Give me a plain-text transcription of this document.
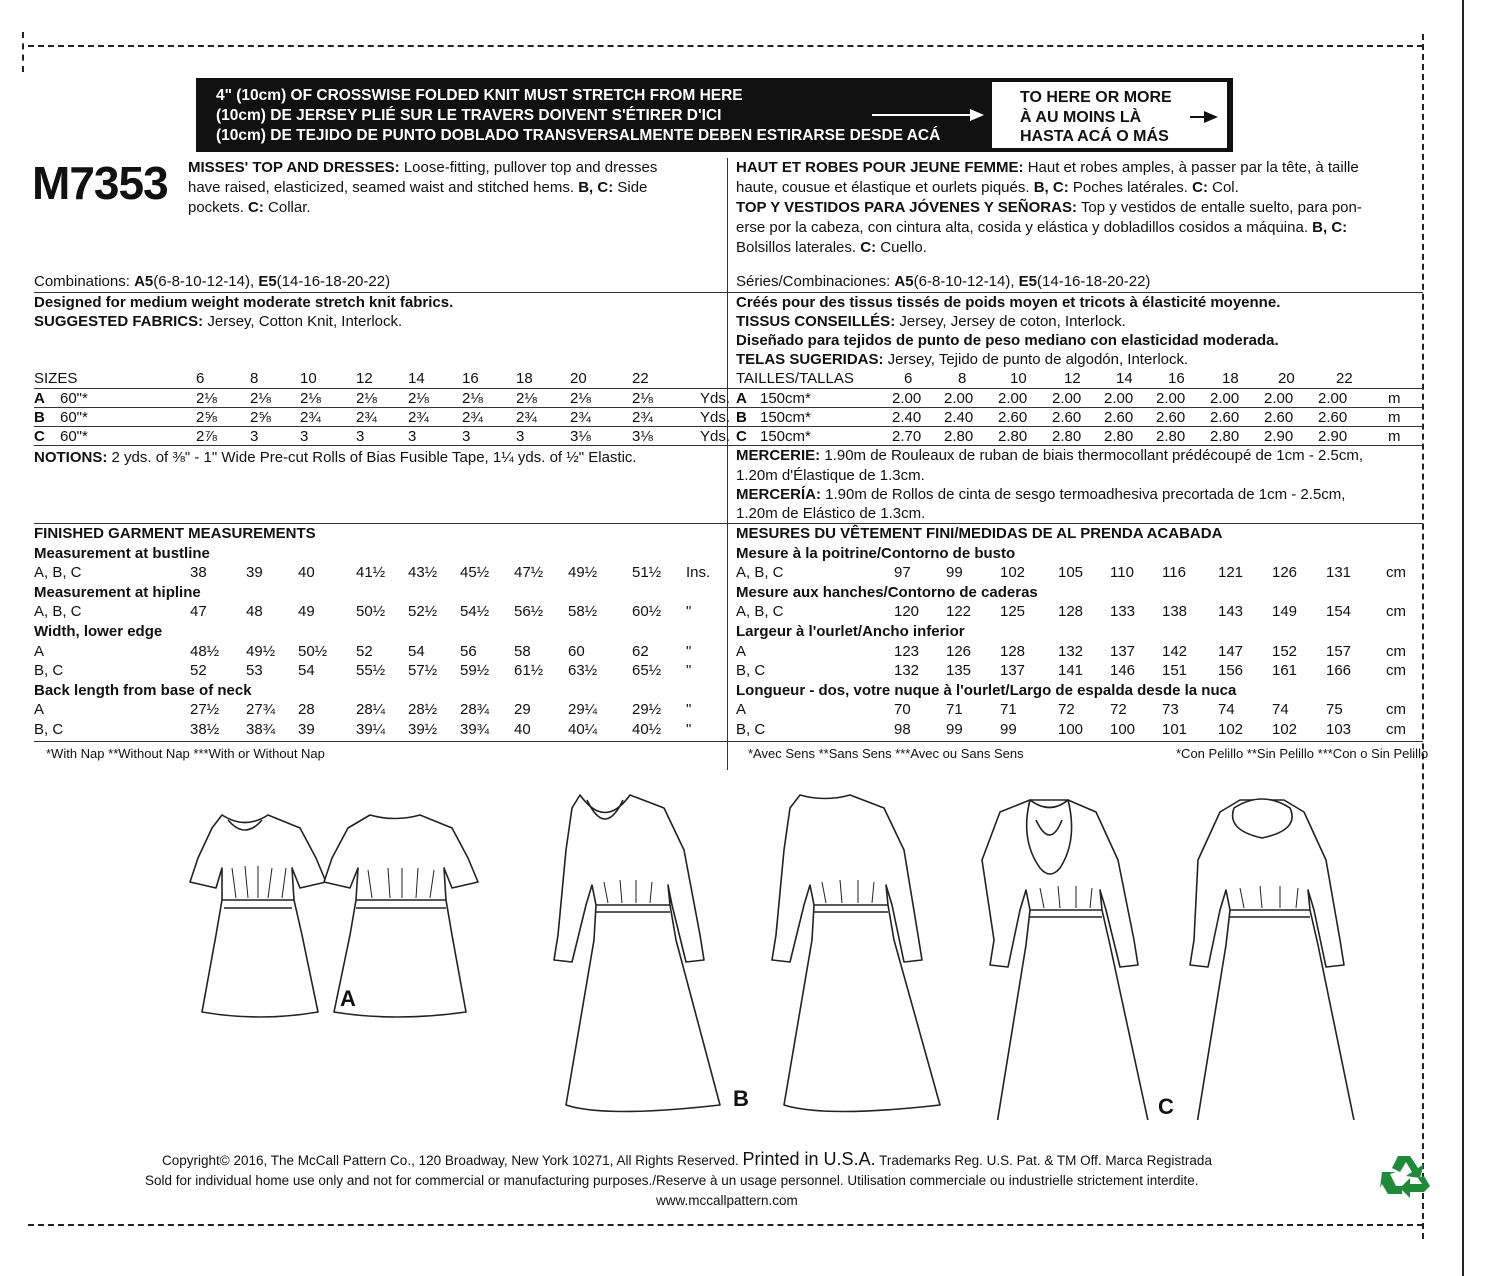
4" (10cm) OF CROSSWISE FOLDED KNIT MUST STRETCH FROM HERE
(10cm) DE JERSEY PLIÉ SUR LE TRAVERS DOIVENT S'ÉTIRER D'ICI
(10cm) DE TEJIDO DE PUNTO DOBLADO TRANSVERSALMENTE DEBEN ESTIRARSE DESDE ACÁ
TO HERE OR MORE
À AU MOINS LÀ
HASTA ACÁ O MÁS
M7353 MISSES' TOP AND DRESSES: Loose-fitting, pullover top and dresses
have raised, elasticized, seamed waist and stitched hems. B, C: Side
pockets. C: Collar.
HAUT ET ROBES POUR JEUNE FEMME: Haut et robes amples, à passer par la tête, à taille
haute, cousue et élastique et ourlets piqués. B, C: Poches latérales. C: Col.
TOP Y VESTIDOS PARA JÓVENES Y SEÑORAS: Top y vestidos de entalle suelto, para pon-
erse por la cabeza, con cintura alta, cosida y elástica y dobladillos cosidos a máquina. B, C:
Bolsillos laterales. C: Cuello.
Combinations: A5(6-8-10-12-14), E5(14-16-18-20-22)
Designed for medium weight moderate stretch knit fabrics.
SUGGESTED FABRICS: Jersey, Cotton Knit, Interlock.
Séries/Combinaciones: A5(6-8-10-12-14), E5(14-16-18-20-22)
Créés pour des tissus tissés de poids moyen et tricots à élasticité moyenne.
TISSUS CONSEILLÉS: Jersey, Jersey de coton, Interlock.
Diseñado para tejidos de punto de peso mediano con elasticidad moderada.
TELAS SUGERIDAS: Jersey, Tejido de punto de algodón, Interlock.
SIZES	6	8	10	12 14 16 18 20	22
A 60"*	2⅛ 2⅛ 2⅛ 2⅛ 2⅛ 2⅛ 2⅛ 2⅛	2⅛	Yds.
B 60"*	2⅝ 2⅝ 2¾ 2¾ 2¾ 2¾ 2¾ 2¾	2¾	Yds.
C 60"*	2⅞ 3	3	3	3	3	3	3⅛	3⅛	Yds.
TAILLES/TALLAS	6	8	10 12 14 16 18	20	22
A 150cm*	2.00 2.00 2.00 2.00 2.00 2.00 2.00 2.00 2.00	m
B 150cm*	2.40 2.40 2.60 2.60 2.60 2.60 2.60 2.60 2.60	m
C 150cm*	2.70 2.80 2.80 2.80 2.80 2.80 2.80 2.90 2.90	m
NOTIONS: 2 yds. of ⅜" - 1" Wide Pre-cut Rolls of Bias Fusible Tape, 1¼ yds. of ½" Elastic.	MERCERIE: 1.90m de Rouleaux de ruban de biais thermocollant prédécoupé de 1cm - 2.5cm,
1.20m d'Élastique de 1.3cm.
MERCERÍA: 1.90m de Rollos de cinta de sesgo termoadhesiva precortada de 1cm - 2.5cm,
1.20m de Elástico de 1.3cm.
FINISHED GARMENT MEASUREMENTS
Measurement at bustline
A, B, C	38	39 40	41½ 43½ 45½ 47½ 49½ 51½ Ins.
Measurement at hipline
A, B, C	47	48 49	50½ 52½ 54½ 56½ 58½ 60½ "
Width, lower edge
A	48½ 49½ 50½ 52 54 56 58 60	62 "
B, C	52	53 54	55½ 57½ 59½ 61½ 63½ 65½ "
Back length from base of neck
A	27½ 27¾ 28	28¼ 28½ 28¾ 29 29¼ 29½ "
B, C	38½ 38¾ 39	39¼ 39½ 39¾ 40 40¼ 40½ "
MESURES DU VÊTEMENT FINI/MEDIDAS DE AL PRENDA ACABADA
Mesure à la poitrine/Contorno de busto
A, B, C	97 99 102 105 110 116 121 126 131 cm
Mesure aux hanches/Contorno de caderas
A, B, C	120 122 125 128 133 138 143 149 154 cm
Largeur à l'ourlet/Ancho inferior
A	123 126 128 132 137 142 147 152 157 cm
B, C	132 135 137 141 146 151 156 161 166 cm
Longueur - dos, votre nuque à l'ourlet/Largo de espalda desde la nuca
A	70 71 71	72 72 73	74 74 75	cm
B, C	98 99 99	100 100 101 102 102 103 cm
*With Nap **Without Nap ***With or Without Nap	*Avec Sens **Sans Sens ***Avec ou Sans Sens	*Con Pelillo **Sin Pelillo ***Con o Sin Pelillo
A
B	C
Copyright© 2016, The McCall Pattern Co., 120 Broadway, New York 10271, All Rights Reserved. Printed in U.S.A. Trademarks Reg. U.S. Pat. & TM Off. Marca Registrada
Sold for individual home use only and not for commercial or manufacturing purposes./Reserve à un usage personnel. Utilisation commerciale ou industrielle strictement interdite.
www.mccallpattern.com
